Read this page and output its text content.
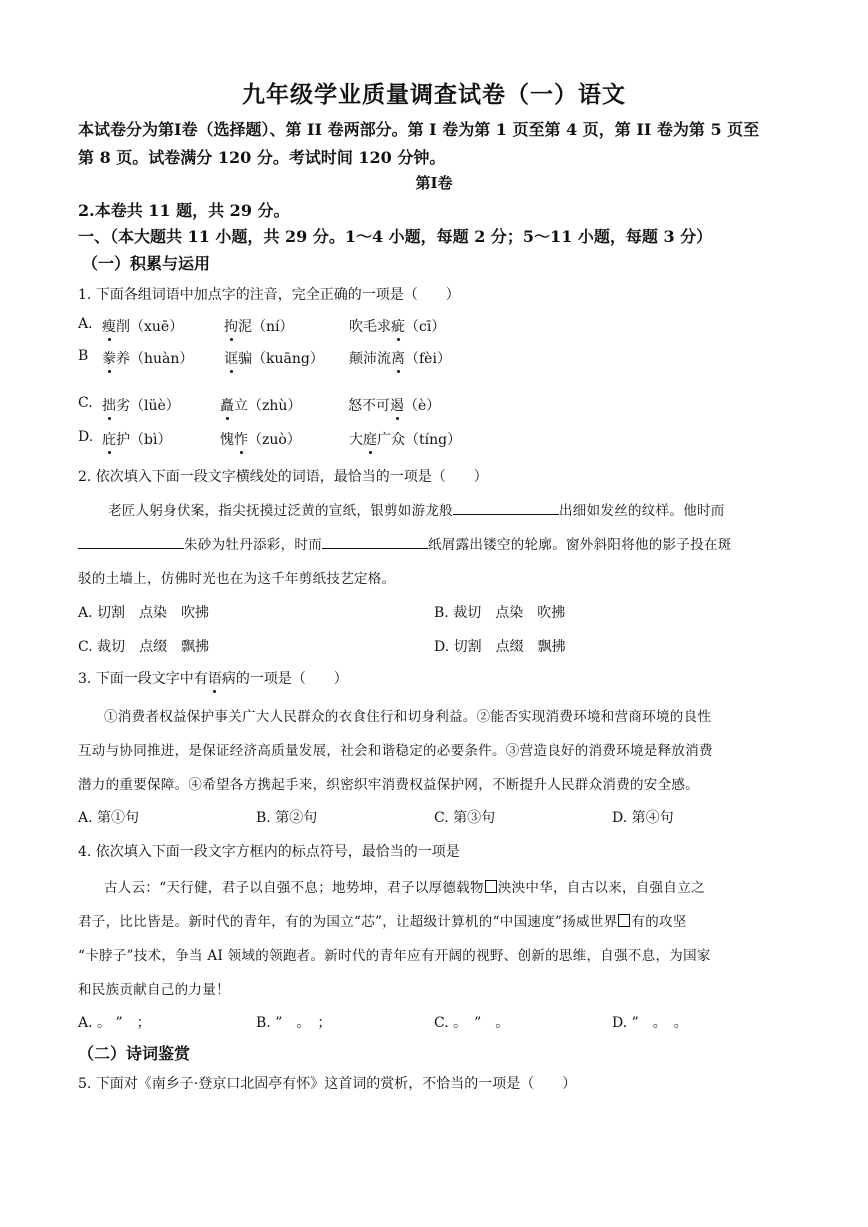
九年级学业质量调查试卷（一）语文
本试卷分为第Ⅰ卷（选择题）、第 II 卷两部分。第 I 卷为第 1 页至第 4 页，第 II 卷为第 5 页至
第 8 页。试卷满分 120 分。考试时间 120 分钟。
第Ⅰ卷
2.本卷共 11 题，共 29 分。
一、（本大题共 11 小题，共 29 分。1～4 小题，每题 2 分；5～11 小题，每题 3 分）
（一）积累与运用
1. 下面各组词语中加点字的注音，完全正确的一项是（　　）
A. 瘦削（xuē）	拘泥（ní）	吹毛求疵（cī）
B 豢养（huàn） 诓骗（kuāng） 颠沛流离（fèi）
C. 拙劣（lüè）	矗立（zhù）	怒不可遏（è）
D. 庇护（bì）	愧怍（zuò）	大庭广众（tíng）
2. 依次填入下面一段文字横线处的词语，最恰当的一项是（　　）
老匠人躬身伏案，指尖抚摸过泛黄的宣纸，银剪如游龙般	出细如发丝的纹样。他时而
朱砂为牡丹添彩，时而	纸屑露出镂空的轮廓。窗外斜阳将他的影子投在斑
驳的土墙上，仿佛时光也在为这千年剪纸技艺定格。
A. 切割　点染　吹拂	B. 裁切　点染　吹拂
C. 裁切　点缀　飘拂	D. 切割　点缀　飘拂
3. 下面一段文字中有语病的一项是（　　）
①消费者权益保护事关广大人民群众的衣食住行和切身利益。②能否实现消费环境和营商环境的良性
互动与协同推进，是保证经济高质量发展，社会和谐稳定的必要条件。③营造良好的消费环境是释放消费
潜力的重要保障。④希望各方携起手来，织密织牢消费权益保护网，不断提升人民群众消费的安全感。
A. 第①句	B. 第②句	C. 第③句	D. 第④句
4. 依次填入下面一段文字方框内的标点符号，最恰当的一项是
古人云：“天行健，君子以自强不息；地势坤，君子以厚德载物 泱泱中华，自古以来，自强自立之
君子，比比皆是。新时代的青年，有的为国立“芯”，让超级计算机的“中国速度”扬威世界 有的攻坚
“卡脖子”技术，争当 AI 领域的领跑者。新时代的青年应有开阔的视野、创新的思维，自强不息，为国家
和民族贡献自己的力量！
A. 。 ”　；	B. ”　。　；	C. 。　”　。	D. ”　。　。
（二）诗词鉴赏
5. 下面对《南乡子·登京口北固亭有怀》这首词的赏析，不恰当的一项是（　　）
